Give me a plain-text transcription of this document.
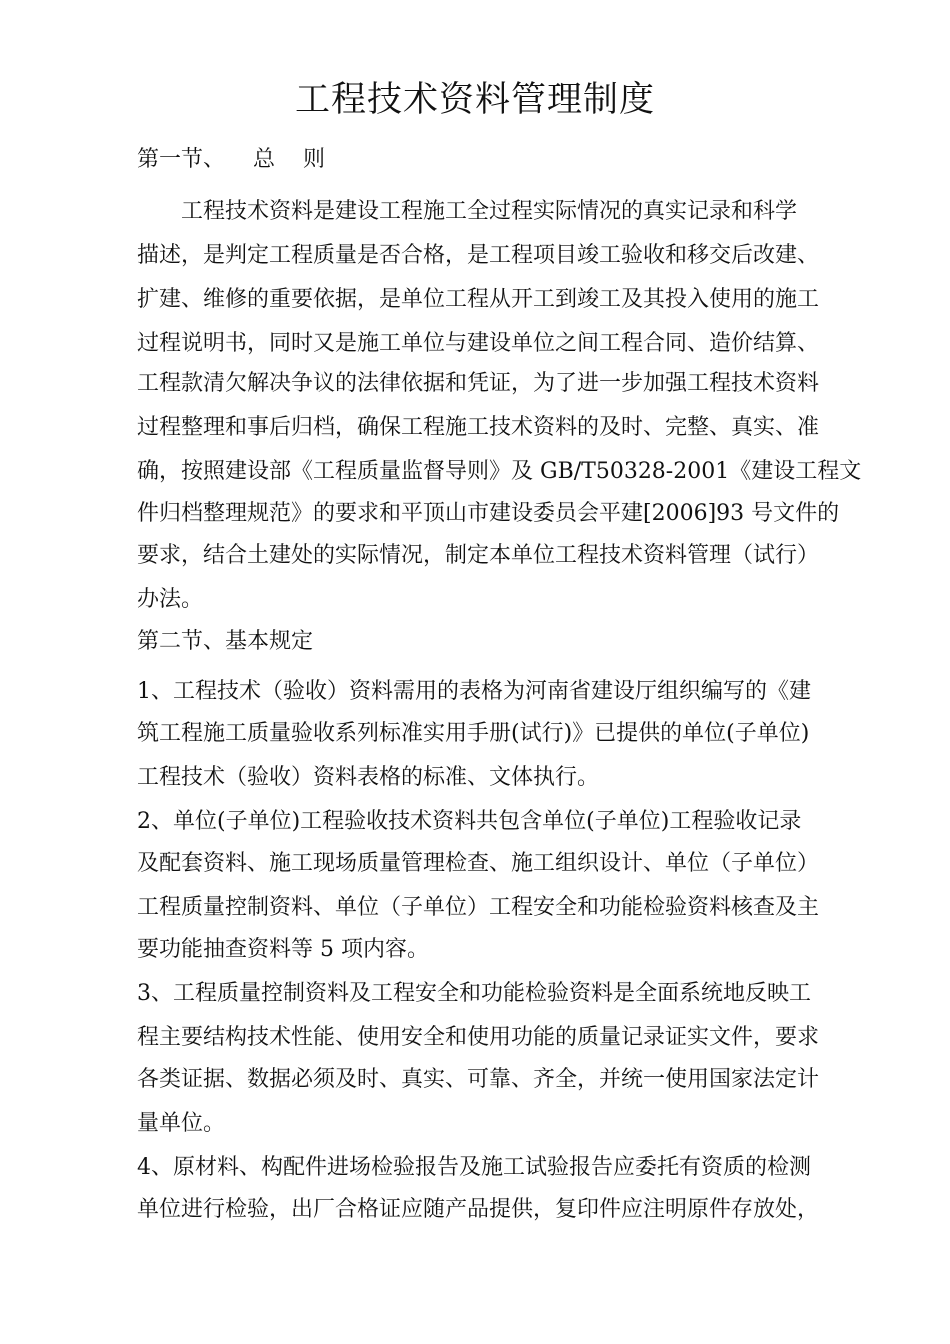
工程技术资料管理制度
第一节、    总    则
工程技术资料是建设工程施工全过程实际情况的真实记录和科学
描述，是判定工程质量是否合格，是工程项目竣工验收和移交后改建、
扩建、维修的重要依据，是单位工程从开工到竣工及其投入使用的施工
过程说明书，同时又是施工单位与建设单位之间工程合同、造价结算、
工程款清欠解决争议的法律依据和凭证，为了进一步加强工程技术资料
过程整理和事后归档，确保工程施工技术资料的及时、完整、真实、准
确，按照建设部《工程质量监督导则》及 GB/T50328-2001《建设工程文
件归档整理规范》的要求和平顶山市建设委员会平建[2006]93 号文件的
要求，结合土建处的实际情况，制定本单位工程技术资料管理（试行）
办法。
第二节、基本规定
1、工程技术（验收）资料需用的表格为河南省建设厅组织编写的《建
筑工程施工质量验收系列标准实用手册(试行)》已提供的单位(子单位)
工程技术（验收）资料表格的标准、文体执行。
2、单位(子单位)工程验收技术资料共包含单位(子单位)工程验收记录
及配套资料、施工现场质量管理检查、施工组织设计、单位（子单位）
工程质量控制资料、单位（子单位）工程安全和功能检验资料核查及主
要功能抽查资料等 5 项内容。
3、工程质量控制资料及工程安全和功能检验资料是全面系统地反映工
程主要结构技术性能、使用安全和使用功能的质量记录证实文件，要求
各类证据、数据必须及时、真实、可靠、齐全，并统一使用国家法定计
量单位。
4、原材料、构配件进场检验报告及施工试验报告应委托有资质的检测
单位进行检验，出厂合格证应随产品提供，复印件应注明原件存放处，
